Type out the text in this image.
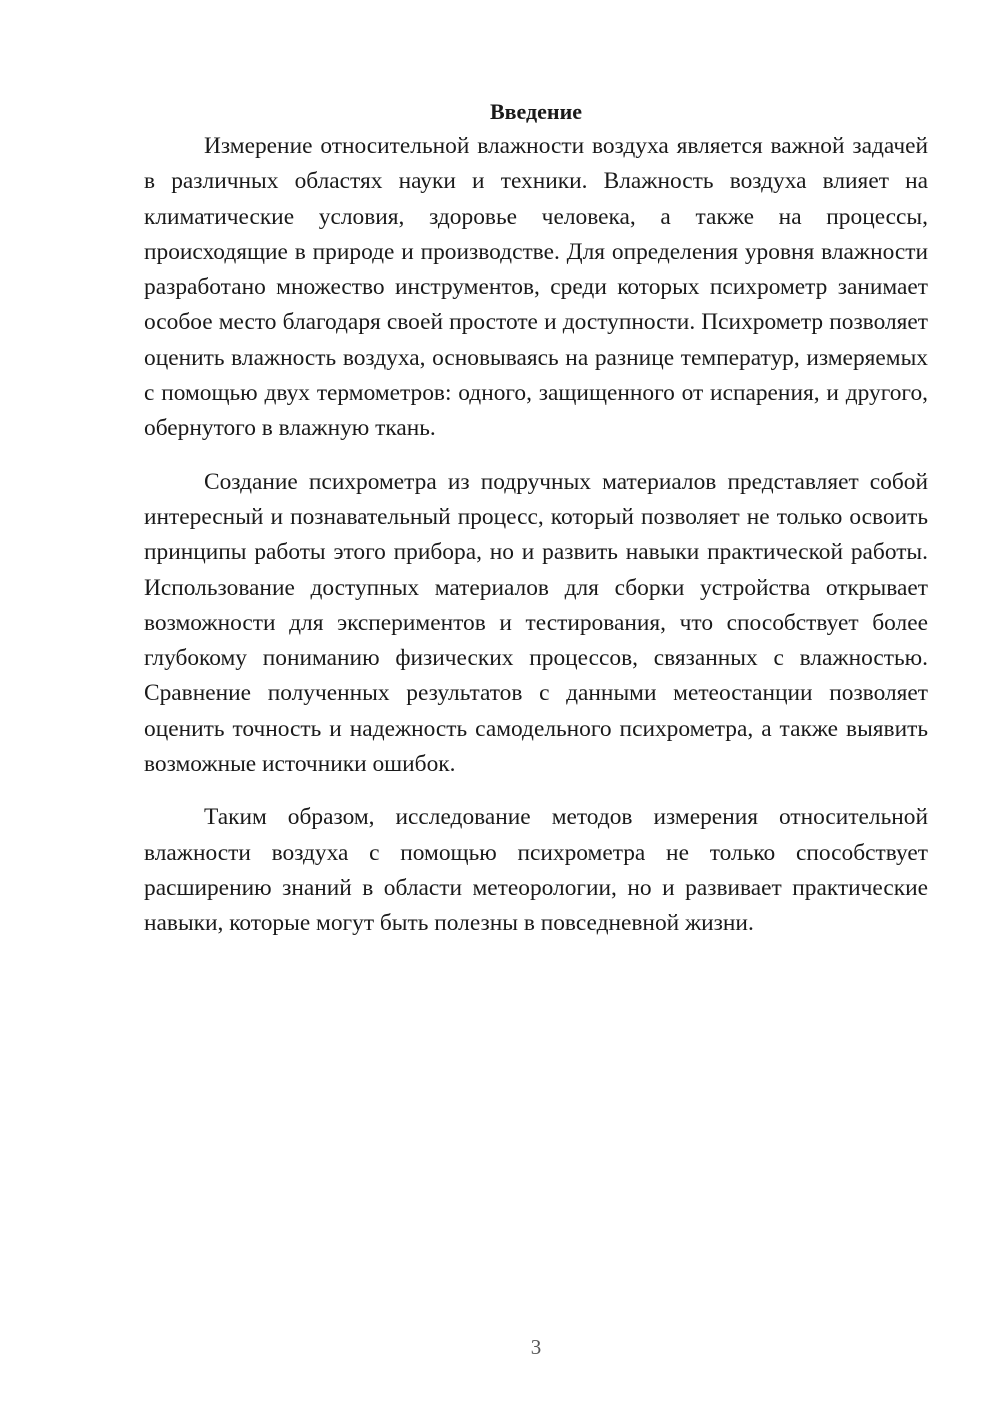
Введение

Измерение относительной влажности воздуха является важной задачей в различных областях науки и техники. Влажность воздуха влияет на климатические условия, здоровье человека, а также на процессы, происходящие в природе и производстве. Для определения уровня влажности разработано множество инструментов, среди которых психрометр занимает особое место благодаря своей простоте и доступности. Психрометр позволяет оценить влажность воздуха, основываясь на разнице температур, измеряемых с помощью двух термометров: одного, защищенного от испарения, и другого, обернутого в влажную ткань.

Создание психрометра из подручных материалов представляет собой интересный и познавательный процесс, который позволяет не только освоить принципы работы этого прибора, но и развить навыки практической работы. Использование доступных материалов для сборки устройства открывает возможности для экспериментов и тестирования, что способствует более глубокому пониманию физических процессов, связанных с влажностью. Сравнение полученных результатов с данными метеостанции позволяет оценить точность и надежность самодельного психрометра, а также выявить возможные источники ошибок.

Таким образом, исследование методов измерения относительной влажности воздуха с помощью психрометра не только способствует расширению знаний в области метеорологии, но и развивает практические навыки, которые могут быть полезны в повседневной жизни.

3
